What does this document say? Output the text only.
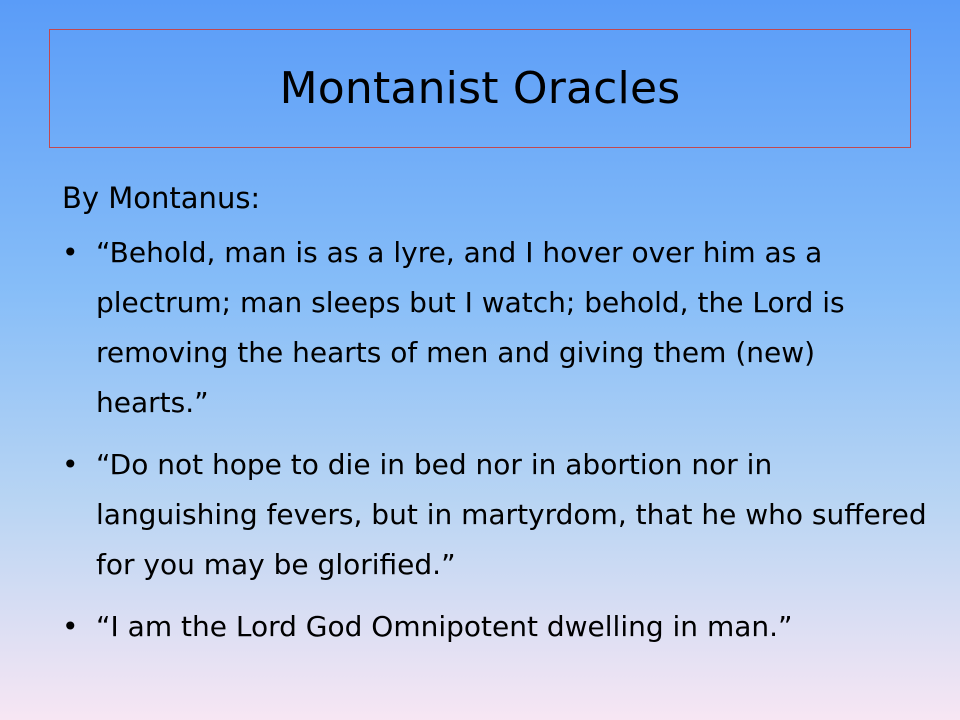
Montanist Oracles

By Montanus:

• “Behold, man is as a lyre, and I hover over him as a plectrum; man sleeps but I watch; behold, the Lord is removing the hearts of men and giving them (new) hearts.”
• “Do not hope to die in bed nor in abortion nor in languishing fevers, but in martyrdom, that he who suffered for you may be glorified.”
• “I am the Lord God Omnipotent dwelling in man.”
